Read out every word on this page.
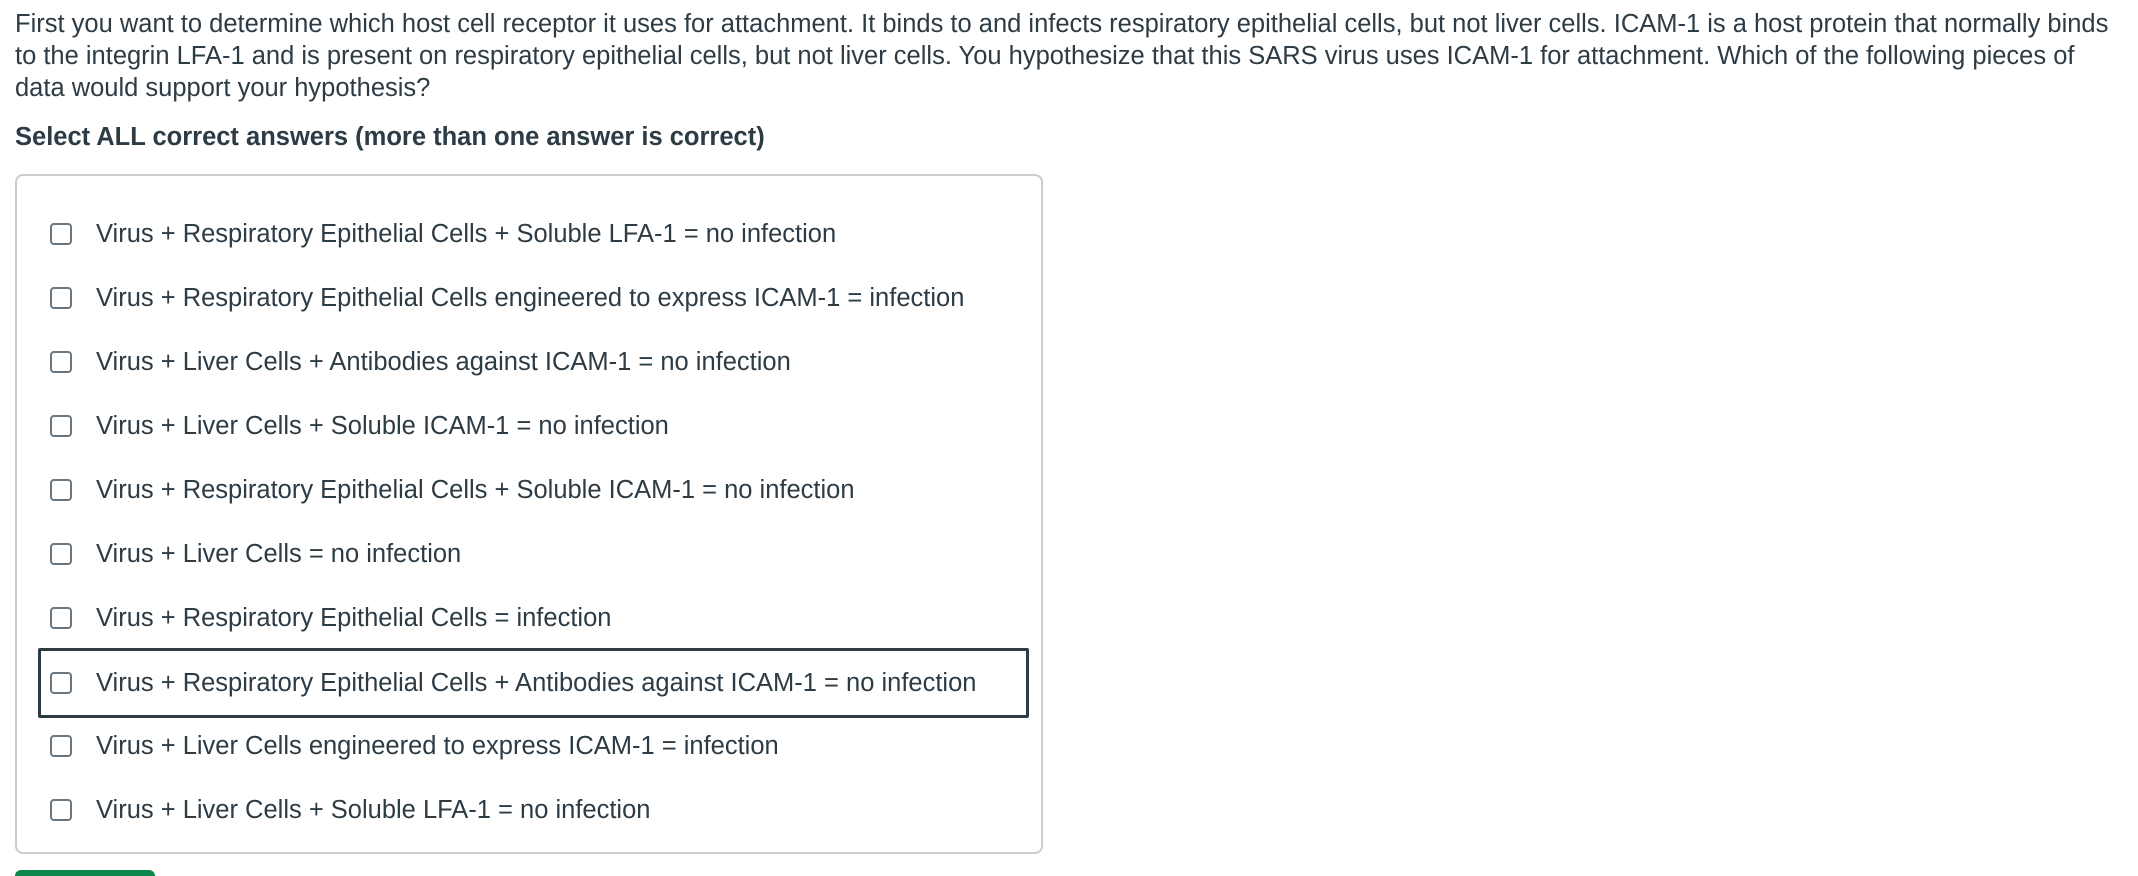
First you want to determine which host cell receptor it uses for attachment. It binds to and infects respiratory epithelial cells, but not liver cells. ICAM-1 is a host protein that normally binds to the integrin LFA-1 and is present on respiratory epithelial cells, but not liver cells. You hypothesize that this SARS virus uses ICAM-1 for attachment. Which of the following pieces of data would support your hypothesis?

Select ALL correct answers (more than one answer is correct)

Virus + Respiratory Epithelial Cells + Soluble LFA-1 = no infection
Virus + Respiratory Epithelial Cells engineered to express ICAM-1 = infection
Virus + Liver Cells + Antibodies against ICAM-1 = no infection
Virus + Liver Cells + Soluble ICAM-1 = no infection
Virus + Respiratory Epithelial Cells + Soluble ICAM-1 = no infection
Virus + Liver Cells = no infection
Virus + Respiratory Epithelial Cells = infection
Virus + Respiratory Epithelial Cells + Antibodies against ICAM-1 = no infection
Virus + Liver Cells engineered to express ICAM-1 = infection
Virus + Liver Cells + Soluble LFA-1 = no infection
